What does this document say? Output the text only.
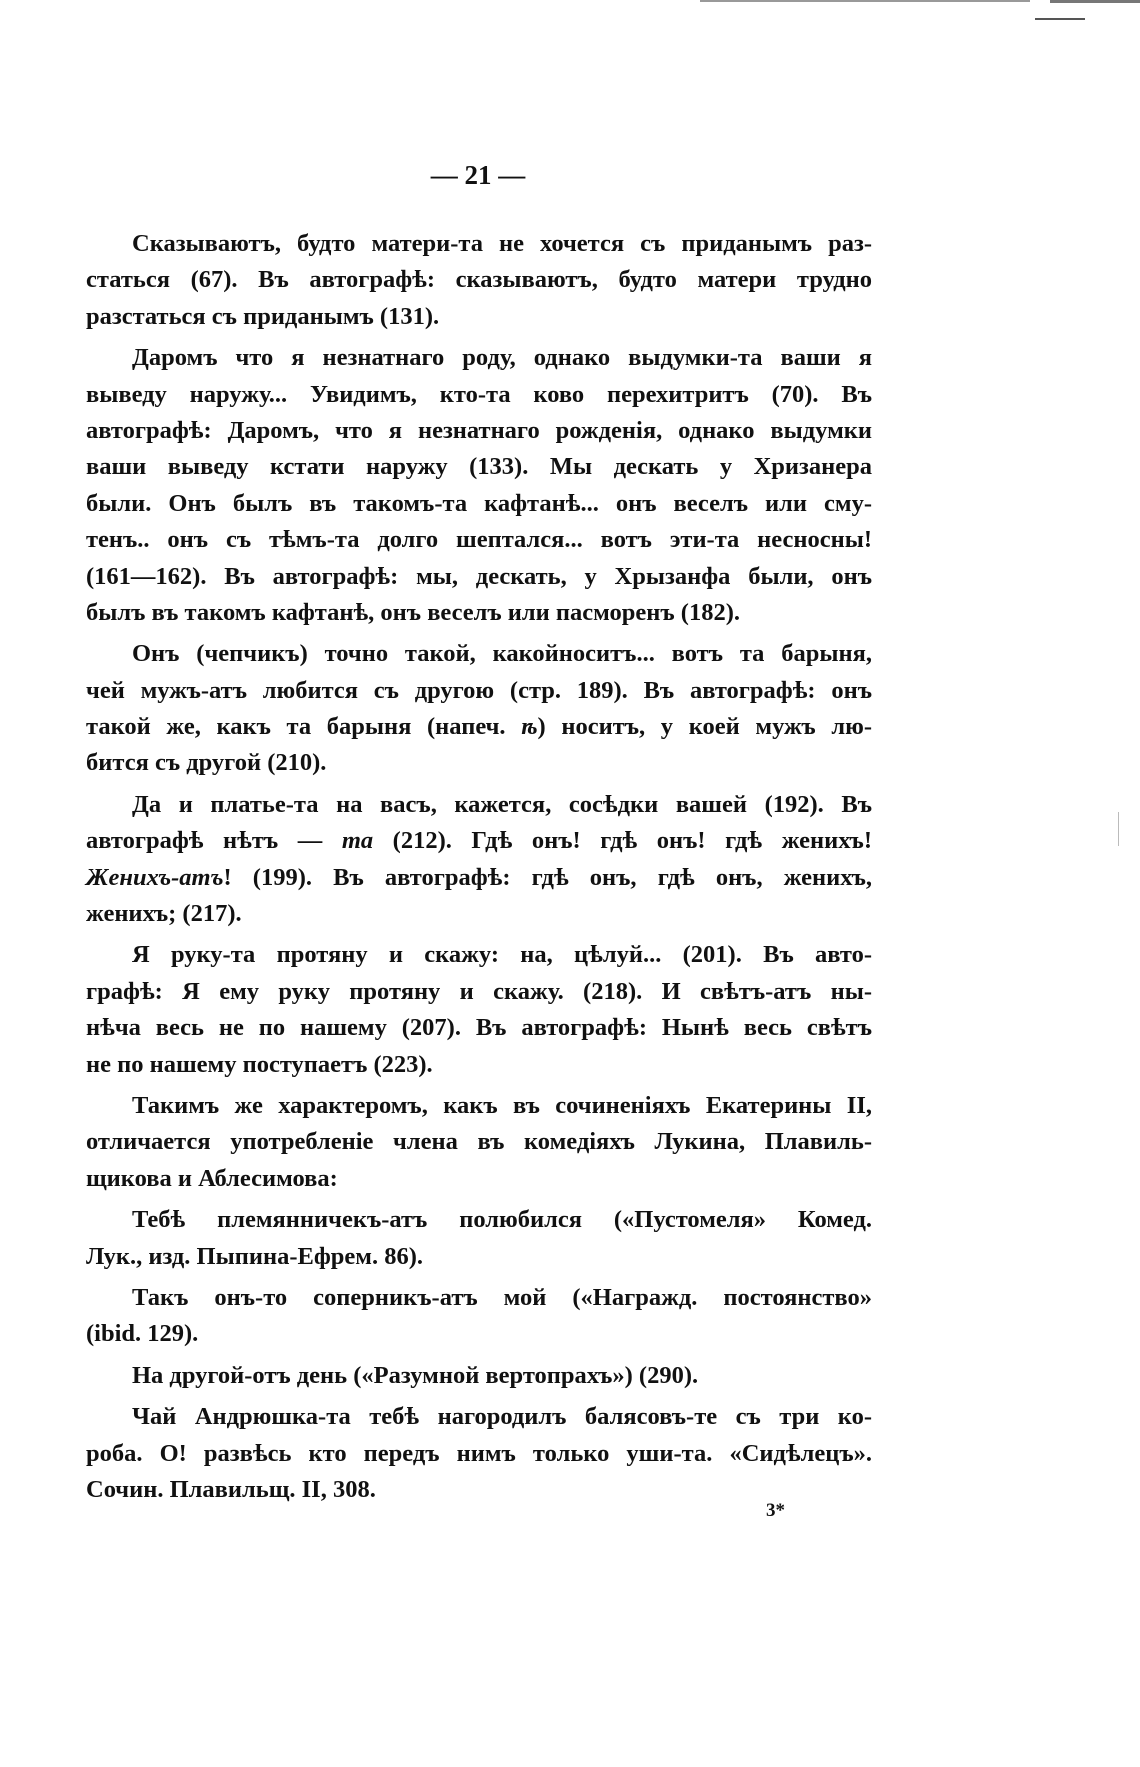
— 21 —
Сказываютъ, будто матери-та не хочется съ приданымъ раз-
статься (67). Въ автографѣ: сказываютъ, будто матери трудно
разстаться съ приданымъ (131).
Даромъ что я незнатнаго роду, однако выдумки-та ваши я
выведу наружу... Увидимъ, кто-та ково перехитритъ (70). Въ
автографѣ: Даромъ, что я незнатнаго рожденія, однако выдумки
ваши выведу кстати наружу (133). Мы дескать у Хризанера
были. Онъ былъ въ такомъ-та кафтанѣ... онъ веселъ или сму-
тенъ.. онъ съ тѣмъ-та долго шептался... вотъ эти-та несносны!
(161—162). Въ автографѣ: мы, дескать, у Хрызанфа были, онъ
былъ въ такомъ кафтанѣ, онъ веселъ или пасморенъ (182).
Онъ (чепчикъ) точно такой, какойноситъ... вотъ та барыня,
чей мужъ-атъ любится съ другою (стр. 189). Въ автографѣ: онъ
такой же, какъ та барыня (напеч. ѣ) носитъ, у коей мужъ лю-
бится съ другой (210).
Да и платье-та на васъ, кажется, сосѣдки вашей (192). Въ
автографѣ нѣтъ — та (212). Гдѣ онъ! гдѣ онъ! гдѣ женихъ!
Женихъ-атъ! (199). Въ автографѣ: гдѣ онъ, гдѣ онъ, женихъ,
женихъ; (217).
Я руку-та протяну и скажу: на, цѣлуй... (201). Въ авто-
графѣ: Я ему руку протяну и скажу. (218). И свѣтъ-атъ ны-
нѣча весь не по нашему (207). Въ автографѣ: Нынѣ весь свѣтъ
не по нашему поступаетъ (223).
Такимъ же характеромъ, какъ въ сочиненіяхъ Екатерины II,
отличается употребленіе члена въ комедіяхъ Лукина, Плавиль-
щикова и Аблесимова:
Тебѣ племянничекъ-атъ полюбился («Пустомеля» Комед.
Лук., изд. Пыпина-Ефрем. 86).
Такъ онъ-то соперникъ-атъ мой («Награжд. постоянство»
(ibid. 129).
На другой-отъ день («Разумной вертопрахъ») (290).
Чай Андрюшка-та тебѣ нагородилъ балясовъ-те съ три ко-
роба. О! развѣсь кто передъ нимъ только уши-та. «Сидѣлецъ».
Сочин. Плавильщ. II, 308.
3*
